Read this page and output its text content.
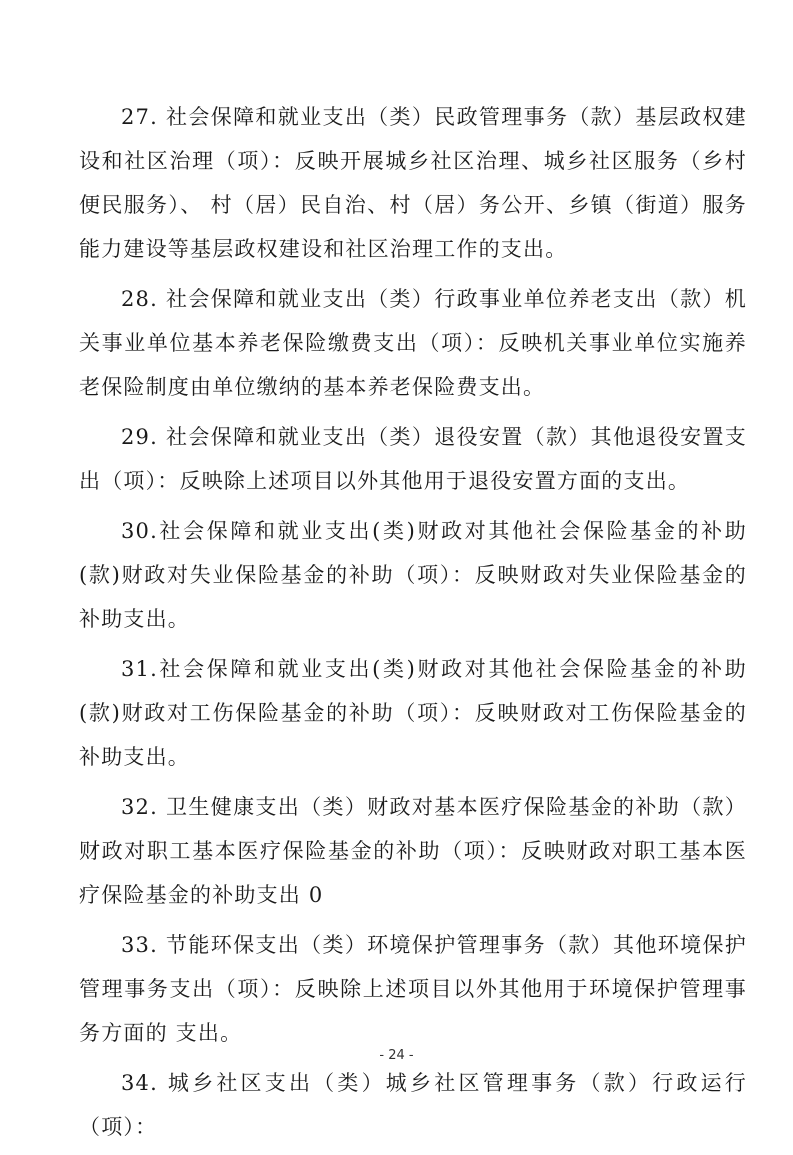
27. 社会保障和就业支出（类）民政管理事务（款）基层政权建设和社区治理（项）：反映开展城乡社区治理、城乡社区服务（乡村便民服务）、 村（居）民自治、村（居）务公开、乡镇（街道）服务能力建设等基层政权建设和社区治理工作的支出。

28. 社会保障和就业支出（类）行政事业单位养老支出（款）机关事业单位基本养老保险缴费支出（项）：反映机关事业单位实施养老保险制度由单位缴纳的基本养老保险费支出。

29. 社会保障和就业支出（类）退役安置（款）其他退役安置支出（项）：反映除上述项目以外其他用于退役安置方面的支出。

30.社会保障和就业支出(类)财政对其他社会保险基金的补助(款)财政对失业保险基金的补助（项）：反映财政对失业保险基金的补助支出。

31.社会保障和就业支出(类)财政对其他社会保险基金的补助(款)财政对工伤保险基金的补助（项）：反映财政对工伤保险基金的补助支出。

32. 卫生健康支出（类）财政对基本医疗保险基金的补助（款）财政对职工基本医疗保险基金的补助（项）：反映财政对职工基本医疗保险基金的补助支出 0

33. 节能环保支出（类）环境保护管理事务（款）其他环境保护管理事务支出（项）：反映除上述项目以外其他用于环境保护管理事务方面的 支出。

34. 城乡社区支出（类）城乡社区管理事务（款）行政运行（项）：

- 24 -
